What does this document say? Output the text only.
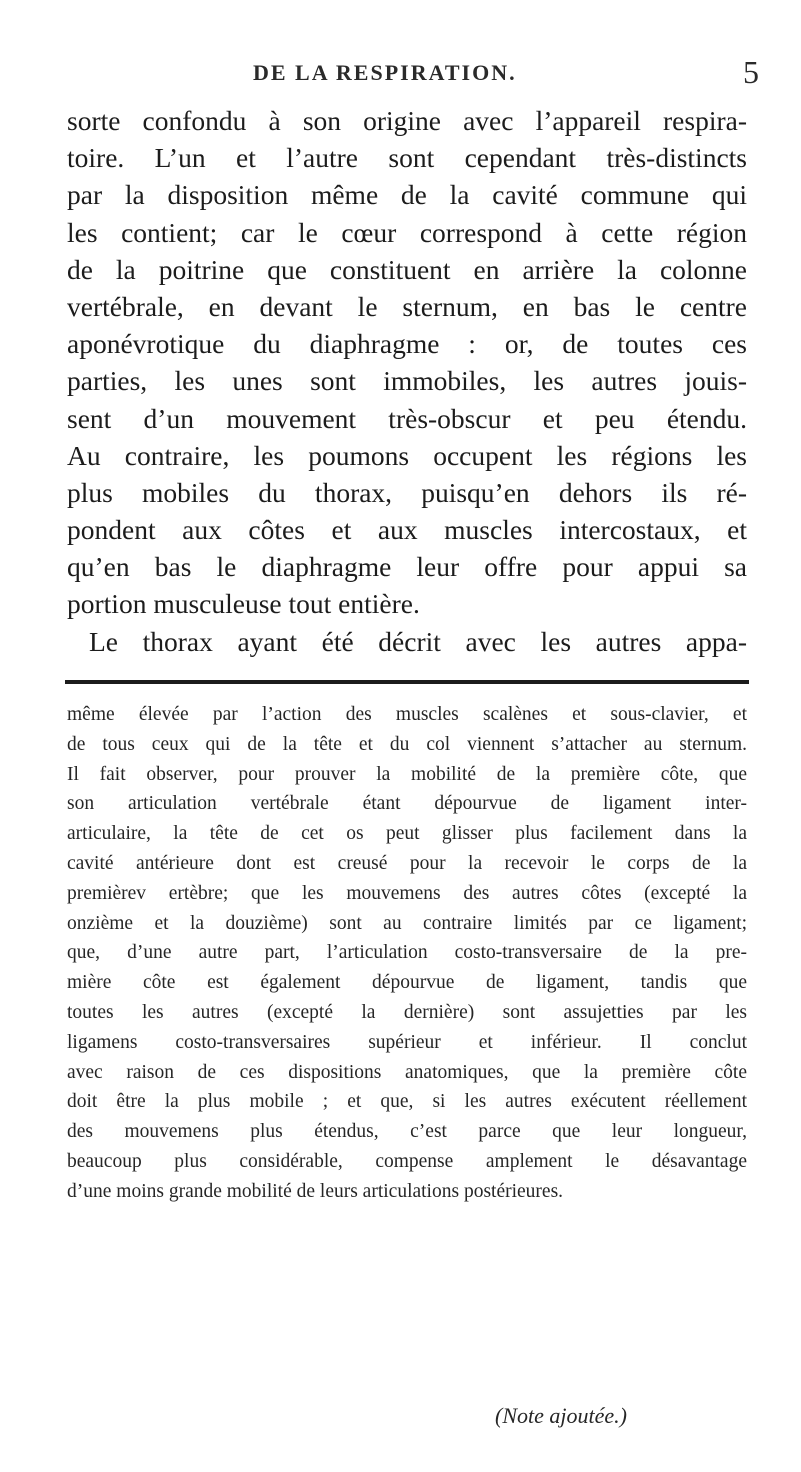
DE LA RESPIRATION.	5
sorte confondu à son origine avec l’appareil respira-
toire. L’un et l’autre sont cependant très-distincts
par la disposition même de la cavité commune qui
les contient; car le cœur correspond à cette région
de la poitrine que constituent en arrière la colonne
vertébrale, en devant le sternum, en bas le centre
aponévrotique du diaphragme : or, de toutes ces
parties, les unes sont immobiles, les autres jouis-
sent d’un mouvement très-obscur et peu étendu.
Au contraire, les poumons occupent les régions les
plus mobiles du thorax, puisqu’en dehors ils ré-
pondent aux côtes et aux muscles intercostaux, et
qu’en bas le diaphragme leur offre pour appui sa
portion musculeuse tout entière.
Le thorax ayant été décrit avec les autres appa-
même élevée par l’action des muscles scalènes et sous-clavier, et
de tous ceux qui de la tête et du col viennent s’attacher au sternum.
Il fait observer, pour prouver la mobilité de la première côte, que
son articulation vertébrale étant dépourvue de ligament inter-
articulaire, la tête de cet os peut glisser plus facilement dans la
cavité antérieure dont est creusé pour la recevoir le corps de la
premièrev ertèbre; que les mouvemens des autres côtes (excepté la
onzième et la douzième) sont au contraire limités par ce ligament;
que, d’une autre part, l’articulation costo-transversaire de la pre-
mière côte est également dépourvue de ligament, tandis que
toutes les autres (excepté la dernière) sont assujetties par les
ligamens costo-transversaires supérieur et inférieur. Il conclut
avec raison de ces dispositions anatomiques, que la première côte
doit être la plus mobile ; et que, si les autres exécutent réellement
des mouvemens plus étendus, c’est parce que leur longueur,
beaucoup plus considérable, compense amplement le désavantage
d’une moins grande mobilité de leurs articulations postérieures.
(Note ajoutée.)
